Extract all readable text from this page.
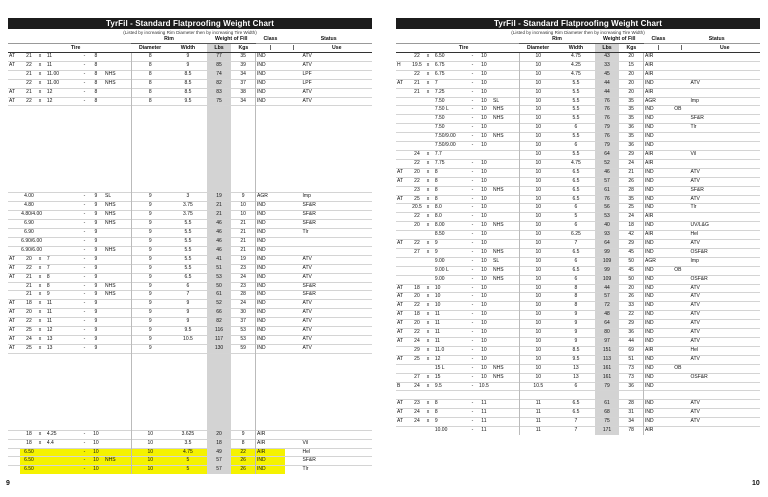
TyrFil - Standard Flatproofing Weight Chart
(Listed by increasing Rim Diameter then by increasing Tire Width)
							Rim		Weight of Fill		Class	Status	
	Tire						Diameter	Width	Lbs	Kgs	|	|	Use
AT	21	x	11	-	8		8	9	77	35	IND		ATV
AT	22	x	11	-	8		8	9	85	39	IND		ATV
	21	x	11.00	-	8	NHS	8	8.5	74	34	IND		LPF
	22	x	11.00	-	8	NHS	8	8.5	82	37	IND		LPF
AT	21	x	12	-	8		8	8.5	83	38	IND		ATV
AT	22	x	12	-	8		8	9.5	75	34	IND		ATV

	4.00			-	9	SL	9	3	19	9	AGR		Imp
	4.80			-	9	NHS	9	3.75	21	10	IND		SF&R
	4.80/4.00			-	9	NHS	9	3.75	21	10	IND		SF&R
	6.90			-	9	NHS	9	5.5	46	21	IND		SF&R
	6.90			-	9		9	5.5	46	21	IND		Tlr
	6.90/6.00			-	9		9	5.5	46	21	IND		
	6.90/6.00			-	9	NHS	9	5.5	46	21	IND		
AT	20	x	7	-	9		9	5.5	41	19	IND		ATV
AT	22	x	7	-	9		9	5.5	51	23	IND		ATV
AT	21	x	8	-	9		9	6.5	53	24	IND		ATV
	21	x	8	-	9	NHS	9	6	50	23	IND		SF&R
	21	x	9	-	9	NHS	9	7	61	28	IND		SF&R
AT	18	x	11	-	9		9	9	52	24	IND		ATV
AT	20	x	11	-	9		9	9	66	30	IND		ATV
AT	22	x	11	-	9		9	9	82	37	IND		ATV
AT	25	x	12	-	9		9	9.5	116	53	IND		ATV
AT	24	x	13	-	9		9	10.5	117	53	IND		ATV
AT	25	x	13	-	9		9		130	59	IND		ATV

	18	x	4.25	-	10		10	3.625	20	9	AIR		
	18	x	4.4	-	10		10	3.5	18	8	AIR		Vil
	6.50			-	10		10	4.75	49	22	AIR		Hel
	6.50			-	10	NHS	10	5	57	26	IND		SF&R
	6.50			-	10		10	5	57	26	IND		Tlr
9
TyrFil - Standard Flatproofing Weight Chart
(Listed by increasing Rim Diameter then by increasing Tire Width)
							Rim		Weight of Fill		Class	Status	
	Tire						Diameter	Width	Lbs	Kgs	|	|	Use
	22	x	6.50	-	10		10	4.75	43	20	AIR		
H	19.5	x	6.75	-	10		10	4.25	33	15	AIR		
	22	x	6.75	-	10		10	4.75	45	20	AIR		
AT	21	x	7	-	10		10	5.5	44	20	IND		ATV
	21	x	7.25	-	10		10	5.5	44	20	AIR		
			7.50	-	10	SL	10	5.5	76	35	AGR		Imp
			7.50 L	-	10	NHS	10	5.5	76	35	IND	OB	
			7.50	-	10	NHS	10	5.5	76	35	IND		SF&R
			7.50	-	10		10	6	79	36	IND		Tlr
			7.50/9.00	-	10	NHS	10	5.5	76	35	IND		
			7.50/9.00	-	10		10	6	79	36	IND		
	24	x	7.7				10	5.5	64	29	AIR		Vil
	22	x	7.75	-	10		10	4.75	52	24	AIR		
AT	20	x	8	-	10		10	6.5	46	21	IND		ATV
AT	22	x	8	-	10		10	6.5	57	26	IND		ATV
	23	x	8	-	10	NHS	10	6.5	61	28	IND		SF&R
AT	25	x	8	-	10		10	6.5	76	35	IND		ATV
	20.5	x	8.0	-	10		10	6	56	25	IND		Tlr
	22	x	8.0	-	10		10	5	53	24	AIR		
	20	x	8.00	-	10	NHS	10	6	40	18	IND		UV/L&G
			8.50	-	10		10	6.25	93	42	AIR		Hel
AT	22	x	9	-	10		10	7	64	29	IND		ATV
	27	x	9	-	10	NHS	10	6.5	99	45	IND		OSF&R
			9.00	-	10	SL	10	6	109	50	AGR		Imp
			9.00 L	-	10	NHS	10	6.5	99	45	IND	OB	
			9.00	-	10	NHS	10	6	109	50	IND		OSF&R
AT	18	x	10	-	10		10	8	44	20	IND		ATV
AT	20	x	10	-	10		10	8	57	26	IND		ATV
AT	22	x	10	-	10		10	8	72	33	IND		ATV
AT	18	x	11	-	10		10	9	48	22	IND		ATV
AT	20	x	11	-	10		10	9	64	29	IND		ATV
AT	22	x	11	-	10		10	9	80	36	IND		ATV
AT	24	x	11	-	10		10	9	97	44	IND		ATV
	29	x	11.0	-	10		10	8.5	151	69	AIR		Hel
AT	25	x	12	-	10		10	9.5	113	51	IND		ATV
			15 L	-	10	NHS	10	13	161	73	IND	OB	
	27	x	15	-	10	NHS	10	13	161	73	IND		OSF&R
B	24	x	9.5	-	10.5		10.5	6	79	36	IND		

AT	23	x	8	-	11		11	6.5	61	28	IND		ATV
AT	24	x	8	-	11		11	6.5	68	31	IND		ATV
AT	24	x	9	-	11		11	7	75	34	IND		ATV
			10.00	-	11		11	7	171	78	AIR		
10
